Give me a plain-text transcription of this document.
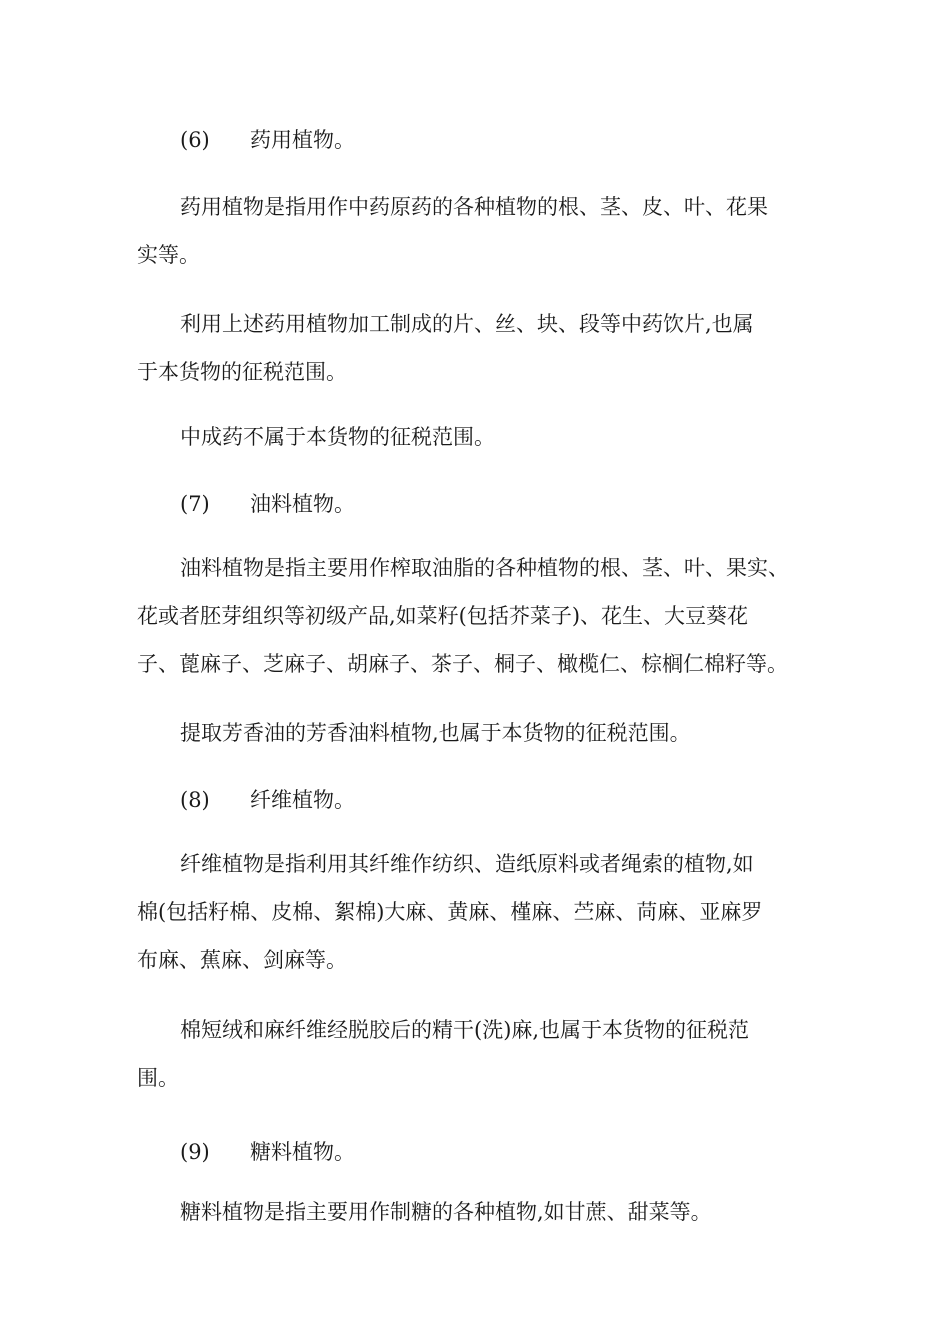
(6) 药用植物。

药用植物是指用作中药原药的各种植物的根、茎、皮、叶、花果
实等。

利用上述药用植物加工制成的片、丝、块、段等中药饮片,也属
于本货物的征税范围。

中成药不属于本货物的征税范围。

(7) 油料植物。

油料植物是指主要用作榨取油脂的各种植物的根、茎、叶、果实、
花或者胚芽组织等初级产品,如菜籽(包括芥菜子)、花生、大豆葵花
子、蓖麻子、芝麻子、胡麻子、茶子、桐子、橄榄仁、棕榈仁棉籽等。

提取芳香油的芳香油料植物,也属于本货物的征税范围。

(8) 纤维植物。

纤维植物是指利用其纤维作纺织、造纸原料或者绳索的植物,如
棉(包括籽棉、皮棉、絮棉)大麻、黄麻、槿麻、苎麻、苘麻、亚麻罗
布麻、蕉麻、剑麻等。

棉短绒和麻纤维经脱胶后的精干(洗)麻,也属于本货物的征税范
围。

(9) 糖料植物。

糖料植物是指主要用作制糖的各种植物,如甘蔗、甜菜等。
